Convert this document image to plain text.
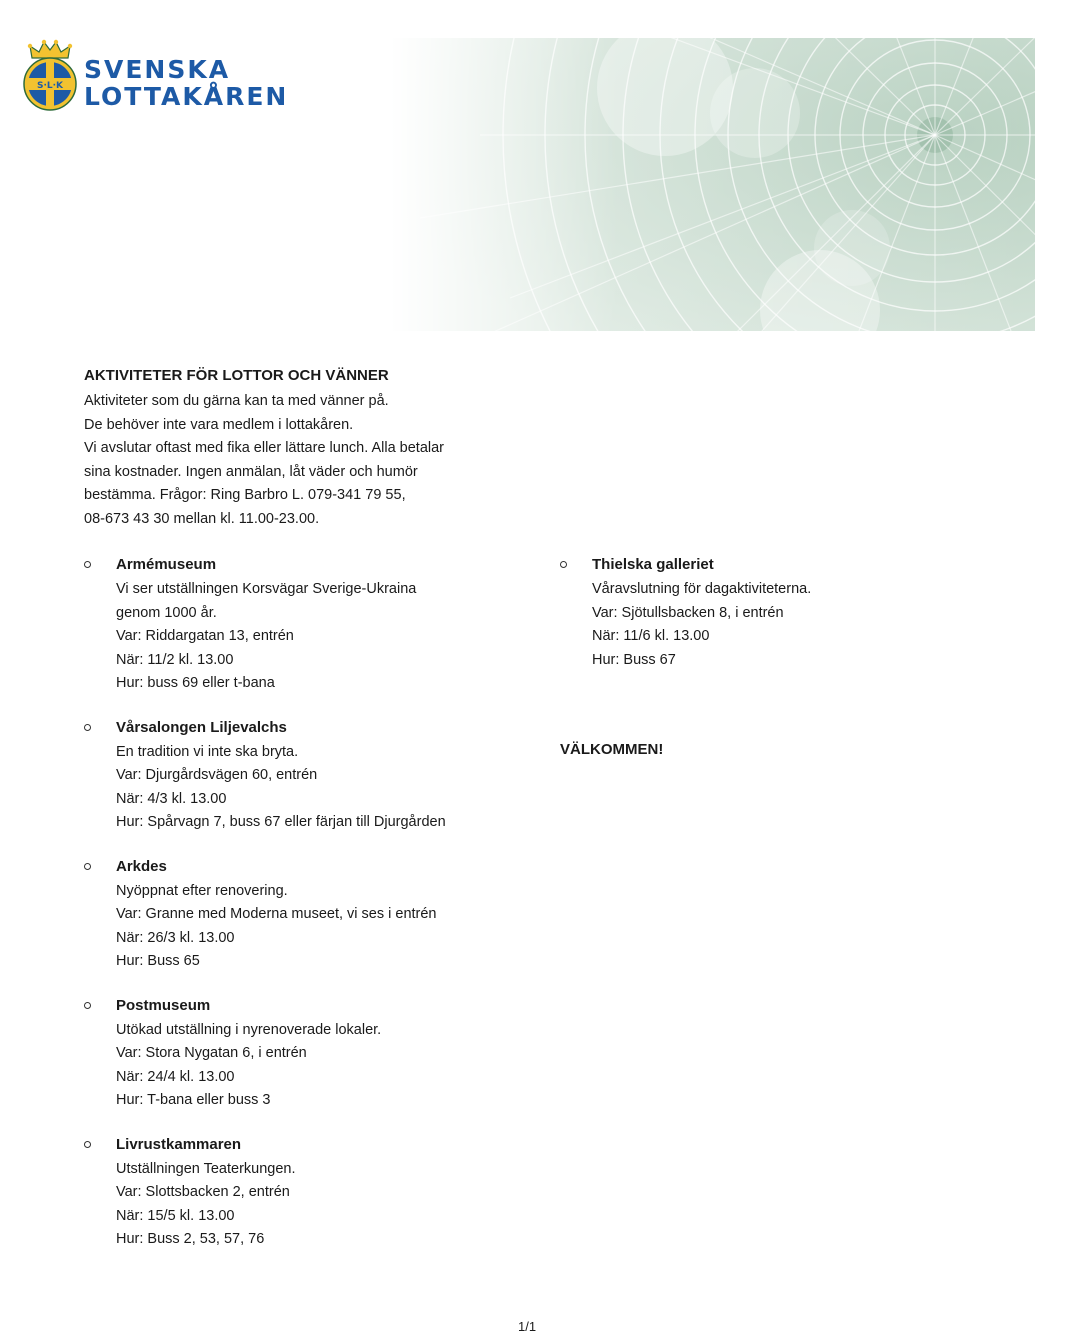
S·L·K
SVENSKA
LOTTAKÅREN
AKTIVITETER FÖR LOTTOR OCH VÄNNER

Aktiviteter som du gärna kan ta med vänner på.

De behöver inte vara medlem i lottakåren.

Vi avslutar oftast med fika eller lättare lunch. Alla betalar

sina kostnader. Ingen anmälan, låt väder och humör

bestämma. Frågor: Ring Barbro L. 079-341 79 55,

08-673 43 30 mellan kl. 11.00-23.00.

Armémuseum

Vi ser utställningen Korsvägar Sverige-Ukraina

genom 1000 år.

Var: Riddargatan 13, entrén

När: 11/2 kl. 13.00

Hur: buss 69 eller t-bana

Vårsalongen Liljevalchs

En tradition vi inte ska bryta.

Var: Djurgårdsvägen 60, entrén

När: 4/3 kl. 13.00

Hur: Spårvagn 7, buss 67 eller färjan till Djurgården

Arkdes

Nyöppnat efter renovering.

Var: Granne med Moderna museet, vi ses i entrén

När: 26/3 kl. 13.00

Hur: Buss 65

Postmuseum

Utökad utställning i nyrenoverade lokaler.

Var: Stora Nygatan 6, i entrén

När: 24/4 kl. 13.00

Hur: T-bana eller buss 3

Livrustkammaren

Utställningen Teaterkungen.

Var: Slottsbacken 2, entrén

När: 15/5 kl. 13.00

Hur: Buss 2, 53, 57, 76

Thielska galleriet

Våravslutning för dagaktiviteterna.

Var: Sjötullsbacken 8, i entrén

När: 11/6 kl. 13.00

Hur: Buss 67

VÄLKOMMEN!
1/1
